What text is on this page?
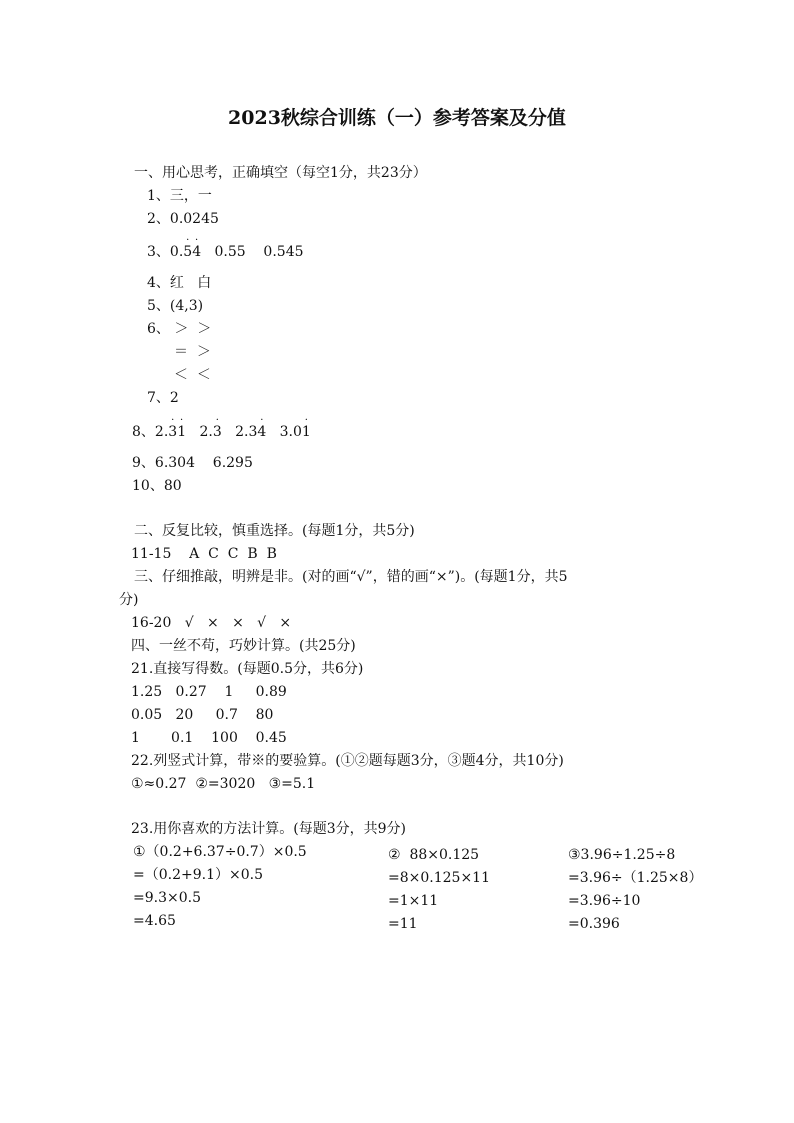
2023秋综合训练（一）参考答案及分值
一、用心思考，正确填空（每空1分，共23分）
1、三，一
2、0.0245
3、0.
·
5
·
4   0.55    0.545
4、红   白
5、(4,3)
6、 ＞  ＞
＝  ＞
＜  ＜
7、2
8、2.
·
3
·
1   2.
·
3   2.3
·
4   3.0
·
1
9、6.304    6.295
10、80
二、反复比较，慎重选择。(每题1分，共5分)
11-15    A  C  C  B  B
三、仔细推敲，明辨是非。(对的画“√”，错的画“×”)。(每题1分，共5
分)
16-20   √   ×   ×   √   ×
四、一丝不苟，巧妙计算。(共25分)
21.直接写得数。(每题0.5分，共6分)
1.25   0.27    1     0.89
0.05   20     0.7    80
1       0.1    100    0.45
22.列竖式计算，带※的要验算。(①②题每题3分，③题4分，共10分)
①≈0.27  ②=3020   ③=5.1
23.用你喜欢的方法计算。(每题3分，共9分)
①（0.2+6.37÷0.7）×0.5
=（0.2+9.1）×0.5
=9.3×0.5
=4.65
②  88×0.125
=8×0.125×11
=1×11
=11
③3.96÷1.25÷8
=3.96÷（1.25×8）
=3.96÷10
=0.396
